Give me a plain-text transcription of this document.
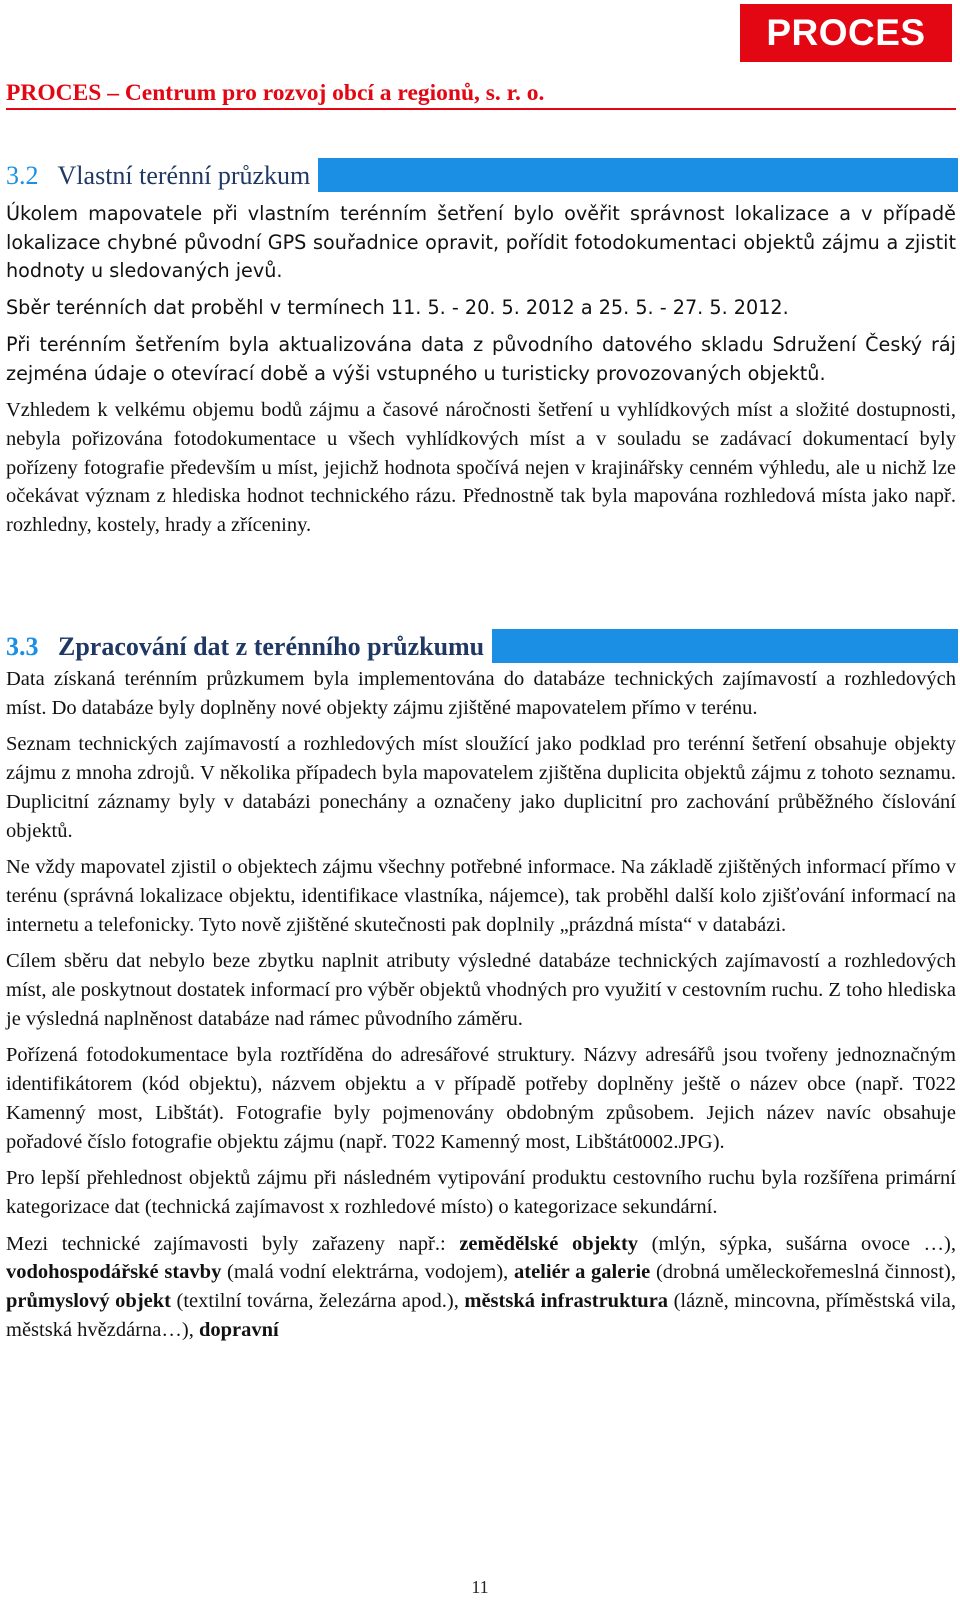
PROCES
PROCES – Centrum pro rozvoj obcí a regionů, s. r. o.
3.2 Vlastní terénní průzkum

Úkolem mapovatele při vlastním terénním šetření bylo ověřit správnost lokalizace a v případě lokalizace chybné původní GPS souřadnice opravit, pořídit fotodokumentaci objektů zájmu a zjistit hodnoty u sledovaných jevů.

Sběr terénních dat proběhl v termínech 11. 5. - 20. 5. 2012 a 25. 5. - 27. 5. 2012.

Při terénním šetřením byla aktualizována data z původního datového skladu Sdružení Český ráj zejména údaje o otevírací době a výši vstupného u turisticky provozovaných objektů.

Vzhledem k velkému objemu bodů zájmu a časové náročnosti šetření u vyhlídkových míst a složité dostupnosti, nebyla pořizována fotodokumentace u všech vyhlídkových míst a v souladu se zadávací dokumentací byly pořízeny fotografie především u míst, jejichž hodnota spočívá nejen v krajinářsky cenném výhledu, ale u nichž lze očekávat význam z hlediska hodnot technického rázu. Přednostně tak byla mapována rozhledová místa jako např. rozhledny, kostely, hrady a zříceniny.

3.3 Zpracování dat z terénního průzkumu

Data získaná terénním průzkumem byla implementována do databáze technických zajímavostí a rozhledových míst. Do databáze byly doplněny nové objekty zájmu zjištěné mapovatelem přímo v terénu.

Seznam technických zajímavostí a rozhledových míst sloužící jako podklad pro terénní šetření obsahuje objekty zájmu z mnoha zdrojů. V několika případech byla mapovatelem zjištěna duplicita objektů zájmu z tohoto seznamu. Duplicitní záznamy byly v databázi ponechány a označeny jako duplicitní pro zachování průběžného číslování objektů.

Ne vždy mapovatel zjistil o objektech zájmu všechny potřebné informace. Na základě zjištěných informací přímo v terénu (správná lokalizace objektu, identifikace vlastníka, nájemce), tak proběhl další kolo zjišťování informací na internetu a telefonicky. Tyto nově zjištěné skutečnosti pak doplnily „prázdná místa“ v databázi.

Cílem sběru dat nebylo beze zbytku naplnit atributy výsledné databáze technických zajímavostí a rozhledových míst, ale poskytnout dostatek informací pro výběr objektů vhodných pro využití v cestovním ruchu. Z toho hlediska je výsledná naplněnost databáze nad rámec původního záměru.

Pořízená fotodokumentace byla roztříděna do adresářové struktury. Názvy adresářů jsou tvořeny jednoznačným identifikátorem (kód objektu), názvem objektu a v případě potřeby doplněny ještě o název obce (např. T022 Kamenný most, Libštát). Fotografie byly pojmenovány obdobným způsobem. Jejich název navíc obsahuje pořadové číslo fotografie objektu zájmu (např. T022 Kamenný most, Libštát0002.JPG).

Pro lepší přehlednost objektů zájmu při následném vytipování produktu cestovního ruchu byla rozšířena primární kategorizace dat (technická zajímavost x rozhledové místo) o kategorizace sekundární.

Mezi technické zajímavosti byly zařazeny např.: zemědělské objekty (mlýn, sýpka, sušárna ovoce …), vodohospodářské stavby (malá vodní elektrárna, vodojem), ateliér a galerie (drobná uměleckořemeslná činnost), průmyslový objekt (textilní továrna, železárna apod.), městská infrastruktura (lázně, mincovna, příměstská vila, městská hvězdárna…), dopravní

11
